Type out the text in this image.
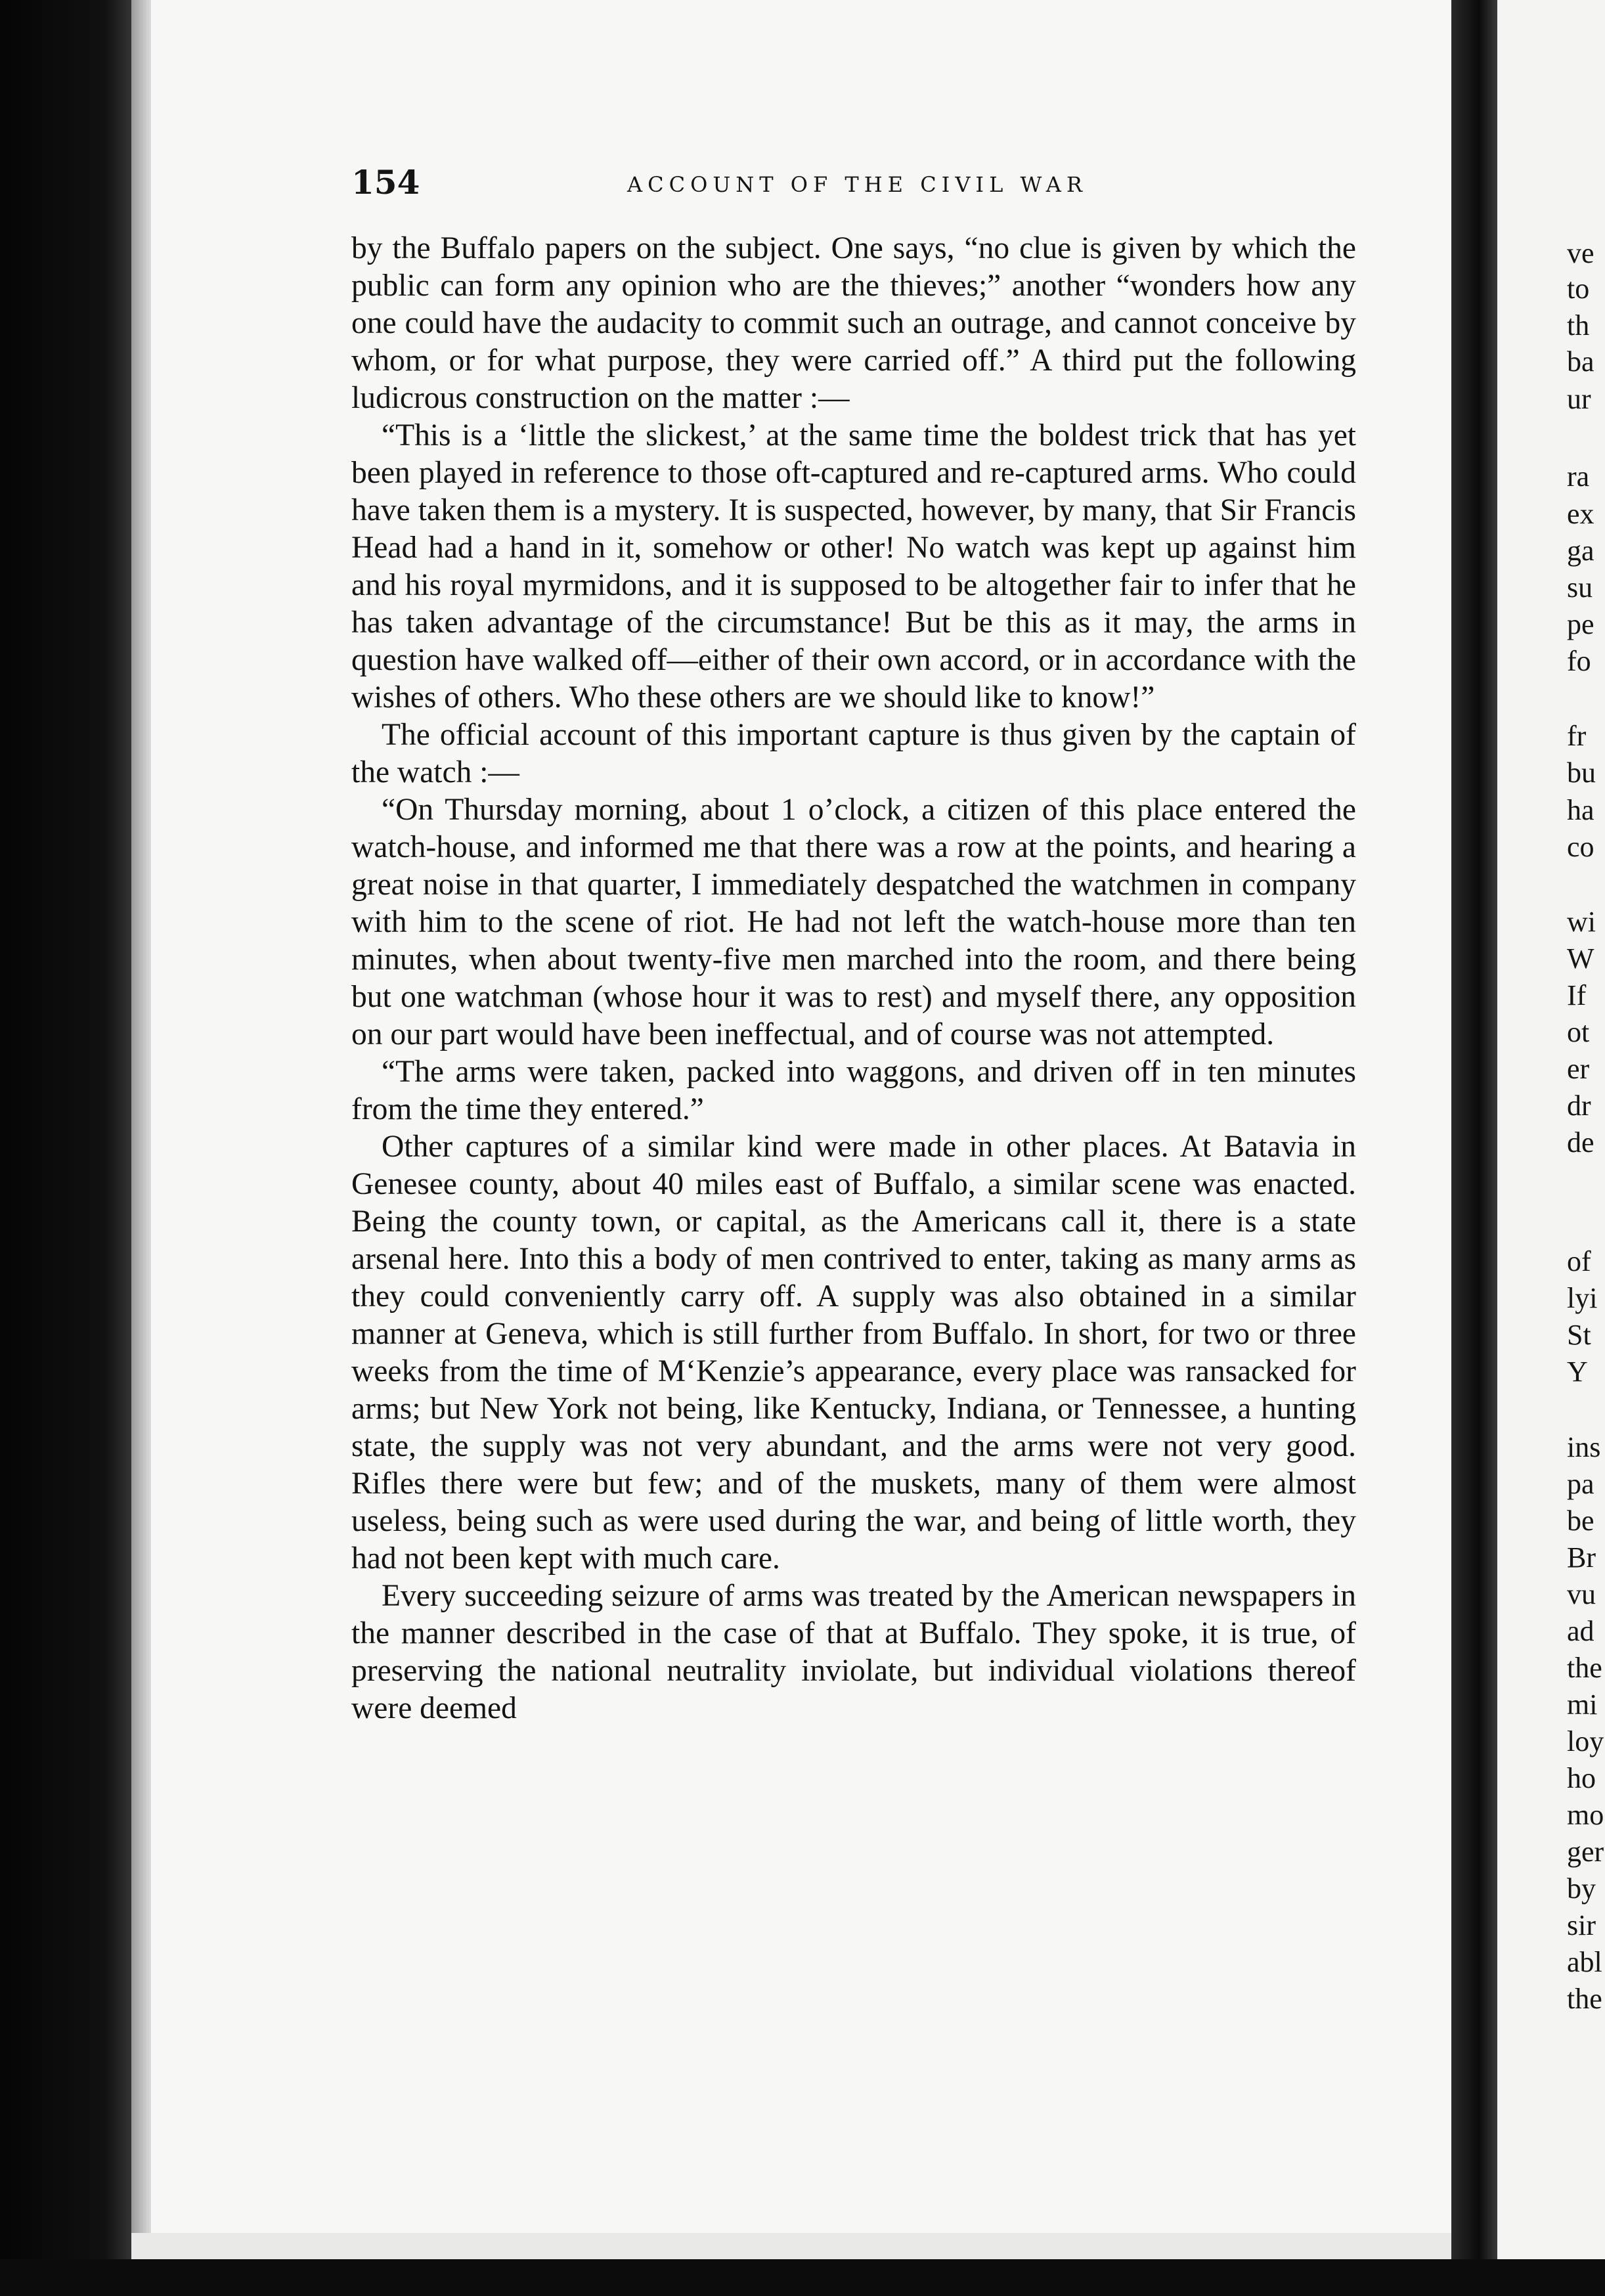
154	ACCOUNT OF THE CIVIL WAR

by the Buffalo papers on the subject. One says, “no clue is given by which the public can form any opinion who are the thieves;” another “wonders how any one could have the audacity to commit such an outrage, and cannot conceive by whom, or for what purpose, they were carried off.” A third put the following ludicrous construction on the matter :—

“This is a ‘little the slickest,’ at the same time the boldest trick that has yet been played in reference to those oft-captured and re-captured arms. Who could have taken them is a mystery. It is suspected, however, by many, that Sir Francis Head had a hand in it, somehow or other! No watch was kept up against him and his royal myrmidons, and it is supposed to be altogether fair to infer that he has taken advantage of the circumstance! But be this as it may, the arms in question have walked off—either of their own accord, or in accordance with the wishes of others. Who these others are we should like to know!”

The official account of this important capture is thus given by the captain of the watch :—

“On Thursday morning, about 1 o’clock, a citizen of this place entered the watch-house, and informed me that there was a row at the points, and hearing a great noise in that quarter, I immediately despatched the watchmen in company with him to the scene of riot. He had not left the watch-house more than ten minutes, when about twenty-five men marched into the room, and there being but one watchman (whose hour it was to rest) and myself there, any opposition on our part would have been ineffectual, and of course was not attempted.

“The arms were taken, packed into waggons, and driven off in ten minutes from the time they entered.”

Other captures of a similar kind were made in other places. At Batavia in Genesee county, about 40 miles east of Buffalo, a similar scene was enacted. Being the county town, or capital, as the Americans call it, there is a state arsenal here. Into this a body of men contrived to enter, taking as many arms as they could conveniently carry off. A supply was also obtained in a similar manner at Geneva, which is still further from Buffalo. In short, for two or three weeks from the time of M‘Kenzie’s appearance, every place was ransacked for arms; but New York not being, like Kentucky, Indiana, or Tennessee, a hunting state, the supply was not very abundant, and the arms were not very good. Rifles there were but few; and of the muskets, many of them were almost useless, being such as were used during the war, and being of little worth, they had not been kept with much care.

Every succeeding seizure of arms was treated by the American newspapers in the manner described in the case of that at Buffalo. They spoke, it is true, of preserving the national neutrality inviolate, but individual violations thereof were deemed

ve
to
th
ba
ur
ra
ex
ga
su
pe
fo
fr
bu
ha
co
wi
W
If
ot
er
dr
de
of
lyi
St
Y
ins
pa
be
Br
vu
ad
the
mi
loy
ho
mo
ger
by
sir
abl
the
